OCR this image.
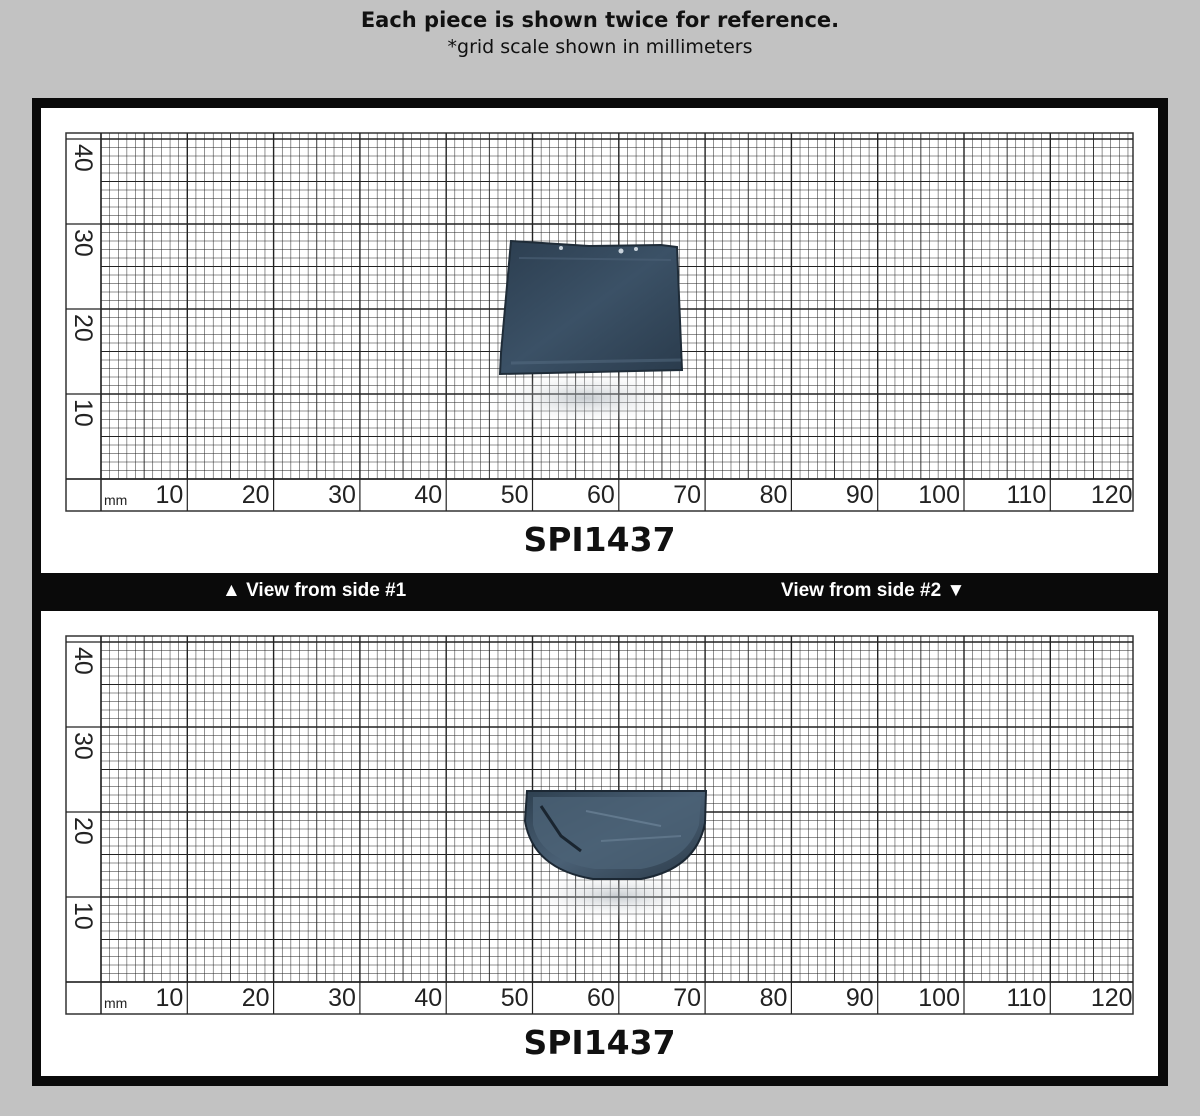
Each piece is shown twice for reference.
*grid scale shown in millimeters
10 20 30 40 50 60 70 80 90 100 110 120
40
30
20
10
mm
SPI1437
▲ View from side #1	View from side #2 ▼
10 20 30 40 50 60 70 80 90 100 110 120
40
30
20
10
mm
SPI1437
